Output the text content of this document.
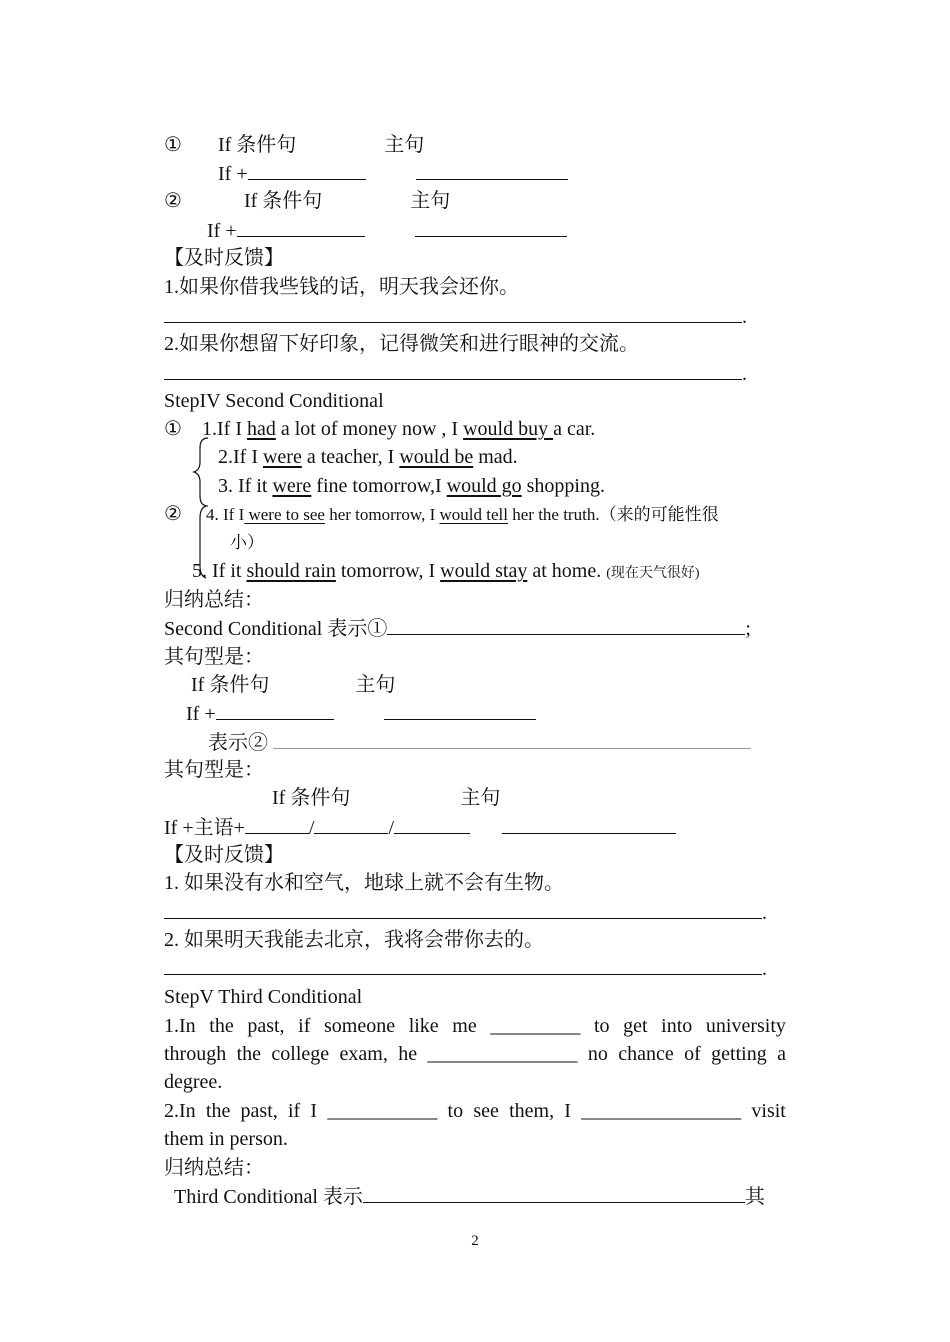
① If 条件句	主句
If +
②	If 条件句	主句
If +
【及时反馈】
1.如果你借我些钱的话，明天我会还你。
.
2.如果你想留下好印象，记得微笑和进行眼神的交流。
.
StepIV Second Conditional
① 1.If I had a lot of money now , I would buy a car.
2.If I were a teacher, I would be mad.
3. If it were fine tomorrow,I would go shopping.
② 4. If I were to see her tomorrow, I would tell her the truth.（来的可能性很
小）
5. If it should rain tomorrow, I would stay at home. (现在天气很好)
归纳总结：
Second Conditional 表示①	;
其句型是：
If 条件句	主句
If +
表示②
其句型是：
If 条件句	主句
If +主语+	/	/
【及时反馈】
1. 如果没有水和空气，地球上就不会有生物。
.
2. 如果明天我能去北京，我将会带你去的。
.
StepV Third Conditional
1.In the past, if someone like me _________ to get into university
through the college exam, he _______________ no chance of getting a
degree.
2.In the past, if I ___________ to see them, I ________________ visit
them in person.
归纳总结：
Third Conditional 表示	其
2
